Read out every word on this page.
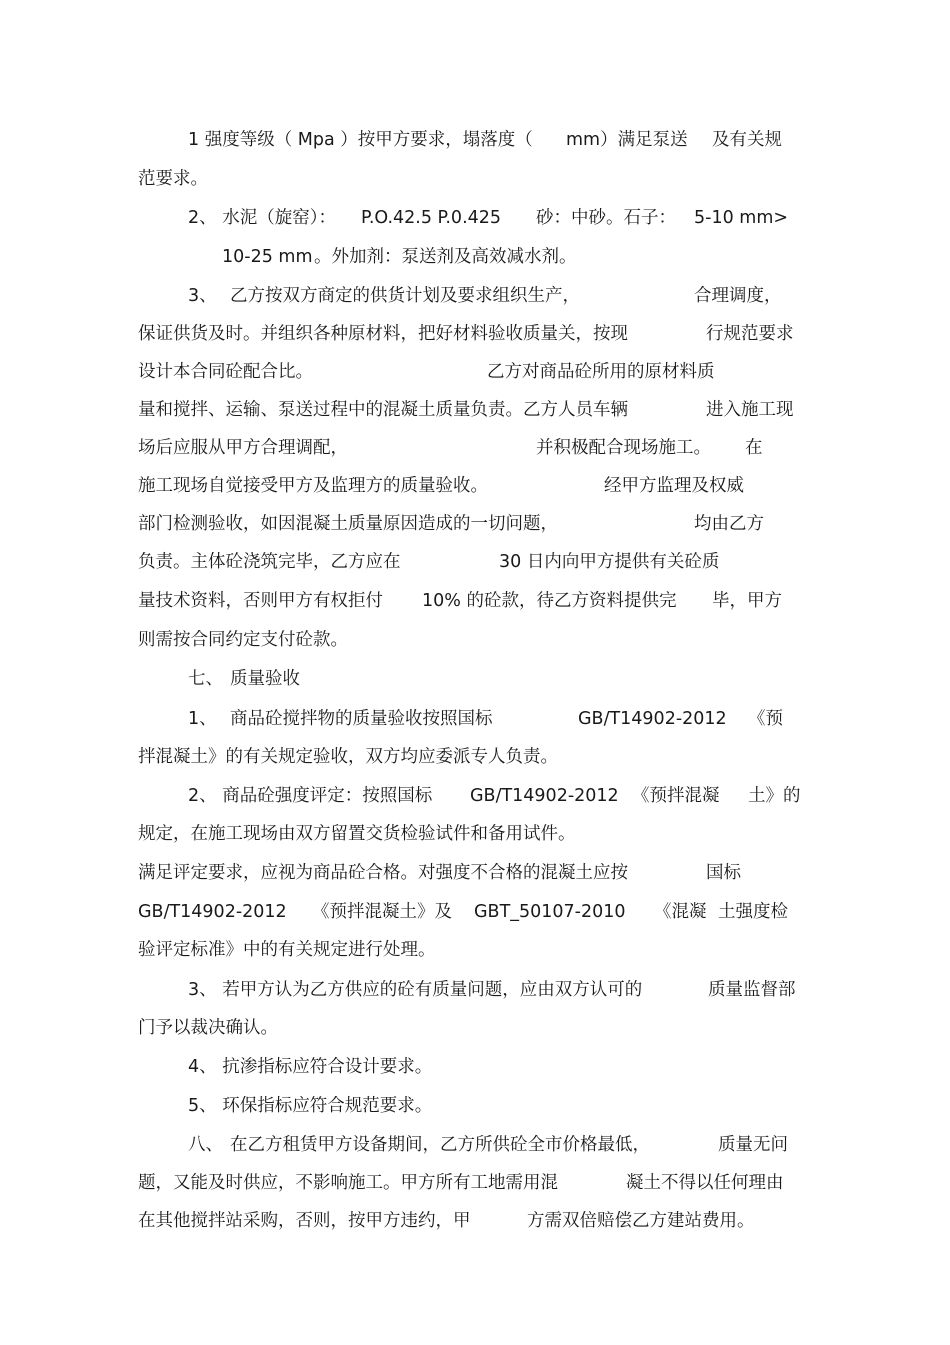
1 强度等级（ Mpa ）按甲方要求，塌落度（ mm）满足泵送 及有关规
范要求。
2、 水泥（旋窑）： P.O.42.5 P.0.425 砂：中砂。石子： 5-10 mm>
10-25 mm 。外加剂：泵送剂及高效减水剂。
3、 乙方按双方商定的供货计划及要求组织生产，	合理调度，
保证供货及时。并组织各种原材料，把好材料验收质量关，按现	行规范要求
设计本合同砼配合比。	乙方对商品砼所用的原材料质
量和搅拌、运输、泵送过程中的混凝土质量负责。乙方人员车辆	进入施工现
场后应服从甲方合理调配，	并积极配合现场施工。 在
施工现场自觉接受甲方及监理方的质量验收。	经甲方监理及权威
部门检测验收，如因混凝土质量原因造成的一切问题，	均由乙方
负责。主体砼浇筑完毕，乙方应在	30 日内向甲方提供有关砼质
量技术资料，否则甲方有权拒付 10% 的砼款，待乙方资料提供完 毕，甲方
则需按合同约定支付砼款。
七、 质量验收
1、 商品砼搅拌物的质量验收按照国标	GB/T14902-2012 《预
拌混凝土》的有关规定验收，双方均应委派专人负责。
2、 商品砼强度评定：按照国标 GB/T14902-2012 《预拌混凝 土》的
规定，在施工现场由双方留置交货检验试件和备用试件。
满足评定要求，应视为商品砼合格。对强度不合格的混凝土应按	国标
GB/T14902-2012 《预拌混凝土》及 GBT_50107-2010 《混凝 土强度检
验评定标准》中的有关规定进行处理。
3、 若甲方认为乙方供应的砼有质量问题，应由双方认可的	质量监督部
门予以裁决确认。
4、 抗渗指标应符合设计要求。
5、 环保指标应符合规范要求。
八、 在乙方租赁甲方设备期间，乙方所供砼全市价格最低，	质量无问
题，又能及时供应，不影响施工。甲方所有工地需用混	凝土不得以任何理由
在其他搅拌站采购，否则，按甲方违约，甲	方需双倍赔偿乙方建站费用。
